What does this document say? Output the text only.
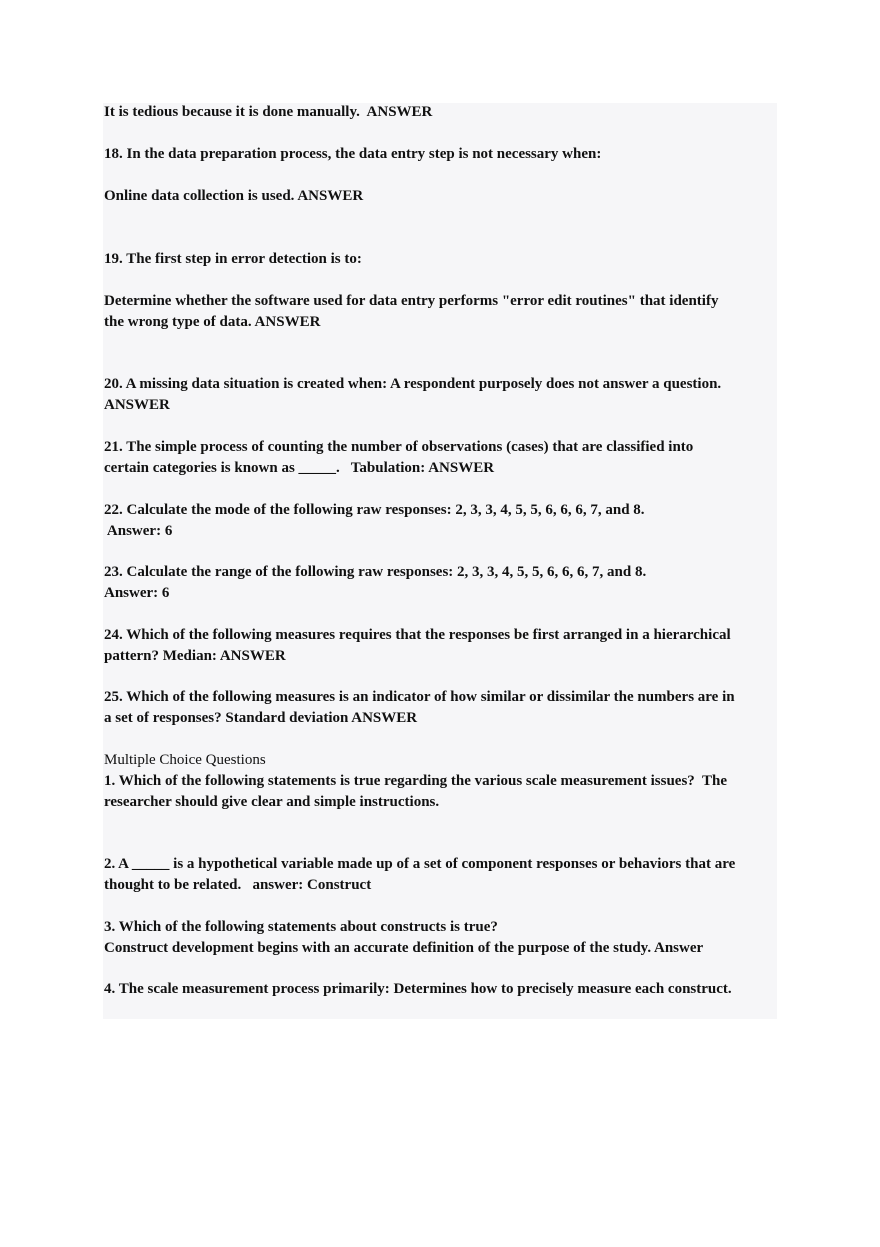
It is tedious because it is done manually.  ANSWER

18. In the data preparation process, the data entry step is not necessary when:

Online data collection is used. ANSWER

19. The first step in error detection is to:

Determine whether the software used for data entry performs "error edit routines" that identify

the wrong type of data. ANSWER

20. A missing data situation is created when: A respondent purposely does not answer a question.

ANSWER

21. The simple process of counting the number of observations (cases) that are classified into

certain categories is known as _____.   Tabulation: ANSWER

22. Calculate the mode of the following raw responses: 2, 3, 3, 4, 5, 5, 6, 6, 6, 7, and 8.

Answer: 6

23. Calculate the range of the following raw responses: 2, 3, 3, 4, 5, 5, 6, 6, 6, 7, and 8.

Answer: 6

24. Which of the following measures requires that the responses be first arranged in a hierarchical

pattern? Median: ANSWER

25. Which of the following measures is an indicator of how similar or dissimilar the numbers are in

a set of responses? Standard deviation ANSWER

Multiple Choice Questions

1. Which of the following statements is true regarding the various scale measurement issues?  The

researcher should give clear and simple instructions.

2. A _____ is a hypothetical variable made up of a set of component responses or behaviors that are

thought to be related.   answer: Construct

3. Which of the following statements about constructs is true?

Construct development begins with an accurate definition of the purpose of the study. Answer

4. The scale measurement process primarily: Determines how to precisely measure each construct.
